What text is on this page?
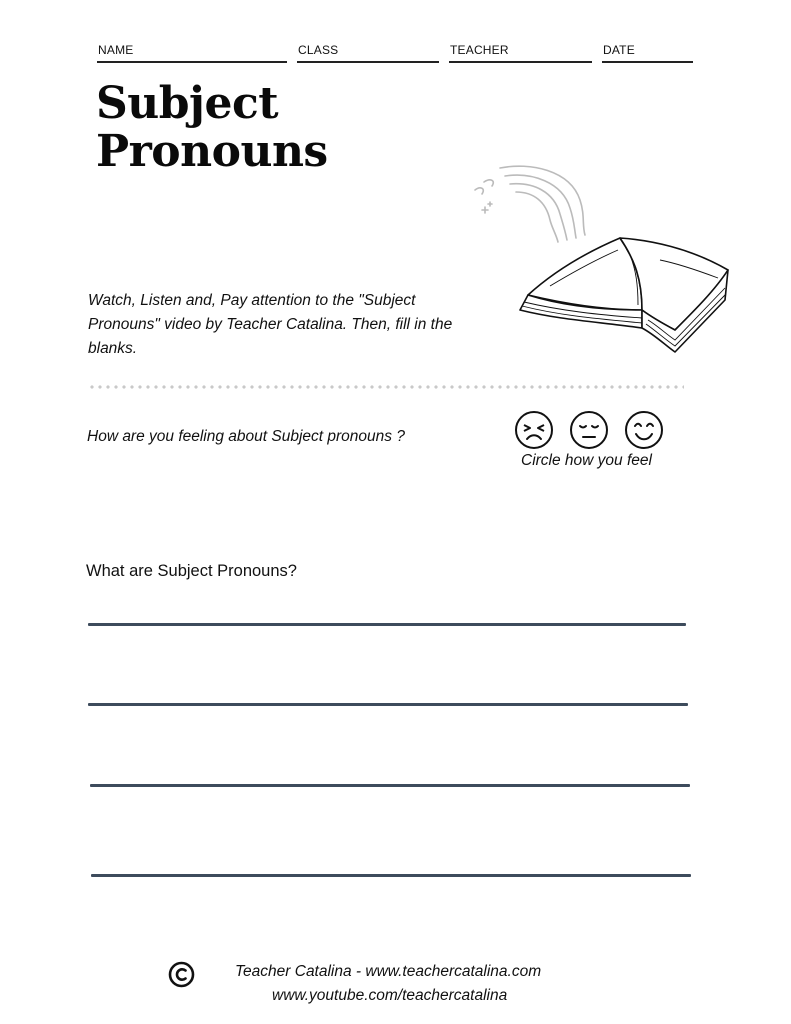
NAME	CLASS	TEACHER	DATE
Subject
Pronouns
Watch, Listen and, Pay attention to the "Subject Pronouns" video by Teacher Catalina. Then, fill in the blanks.
How are you feeling about Subject pronouns ?
Circle how you feel
What are Subject Pronouns?
Teacher Catalina - www.teachercatalina.com
www.youtube.com/teachercatalina
